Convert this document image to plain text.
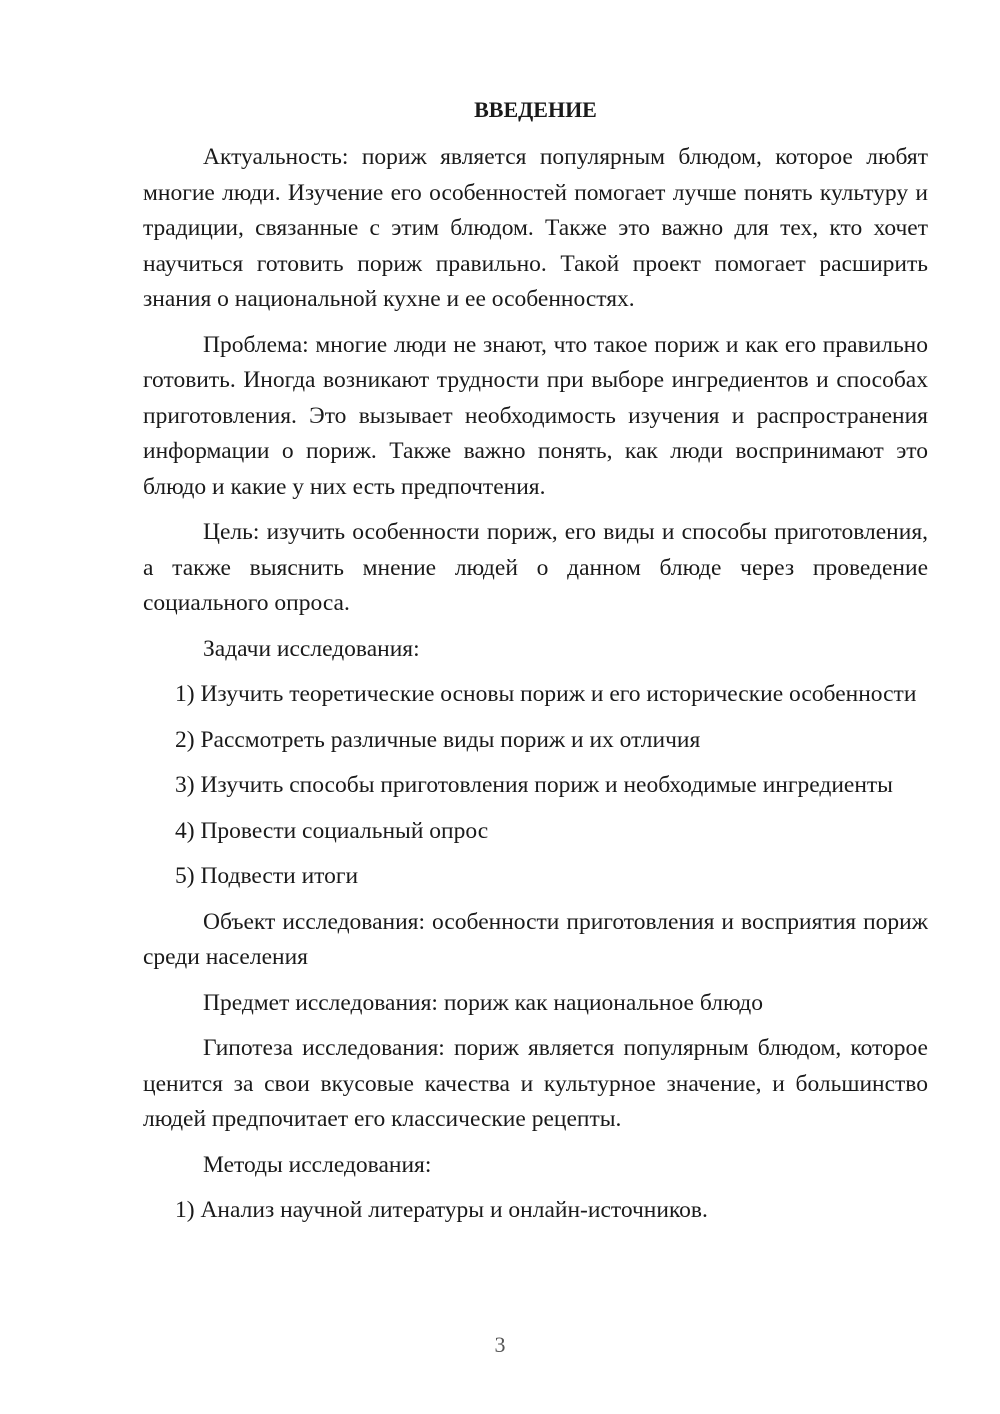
ВВЕДЕНИЕ

Актуальность: пориж является популярным блюдом, которое любят многие люди. Изучение его особенностей помогает лучше понять культуру и традиции, связанные с этим блюдом. Также это важно для тех, кто хочет научиться готовить пориж правильно. Такой проект помогает расширить знания о национальной кухне и ее особенностях.

Проблема: многие люди не знают, что такое пориж и как его правильно готовить. Иногда возникают трудности при выборе ингредиентов и способах приготовления. Это вызывает необходимость изучения и распространения информации о пориж. Также важно понять, как люди воспринимают это блюдо и какие у них есть предпочтения.

Цель: изучить особенности пориж, его виды и способы приготовления, а также выяснить мнение людей о данном блюде через проведение социального опроса.

Задачи исследования:

1) Изучить теоретические основы пориж и его исторические особенности

2) Рассмотреть различные виды пориж и их отличия

3) Изучить способы приготовления пориж и необходимые ингредиенты

4) Провести социальный опрос

5) Подвести итоги

Объект исследования: особенности приготовления и восприятия пориж среди населения

Предмет исследования: пориж как национальное блюдо

Гипотеза исследования: пориж является популярным блюдом, которое ценится за свои вкусовые качества и культурное значение, и большинство людей предпочитает его классические рецепты.

Методы исследования:

1) Анализ научной литературы и онлайн-источников.

3
